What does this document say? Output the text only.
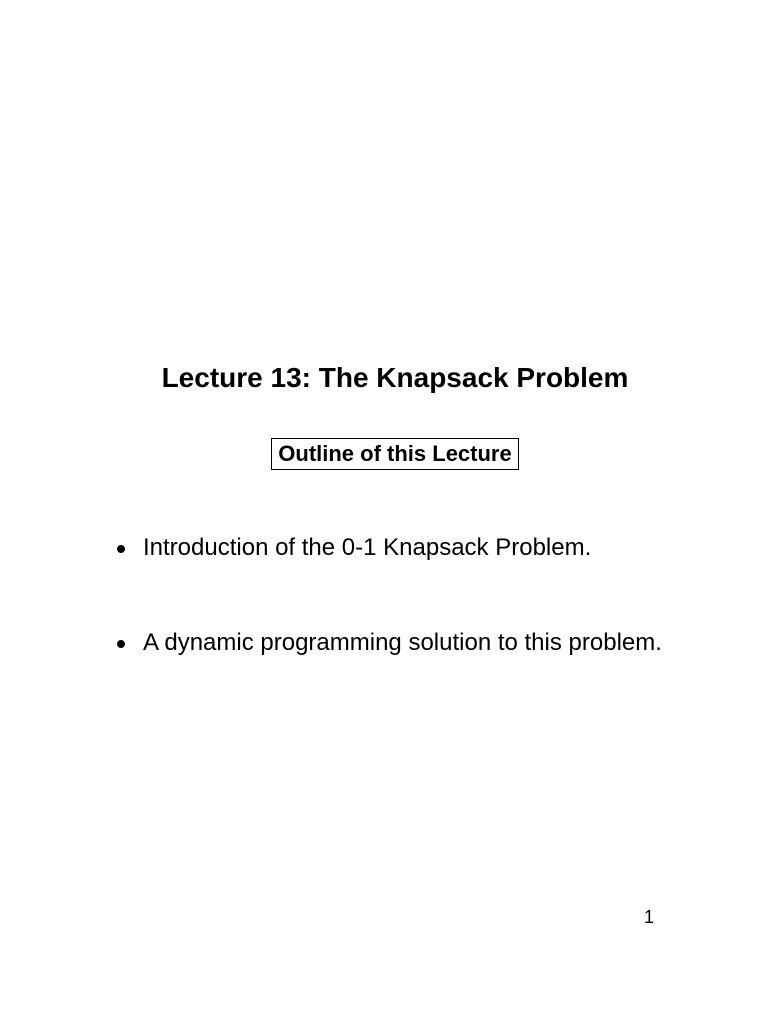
Lecture 13: The Knapsack Problem
Outline of this Lecture
Introduction of the 0-1 Knapsack Problem.
A dynamic programming solution to this problem.
1
